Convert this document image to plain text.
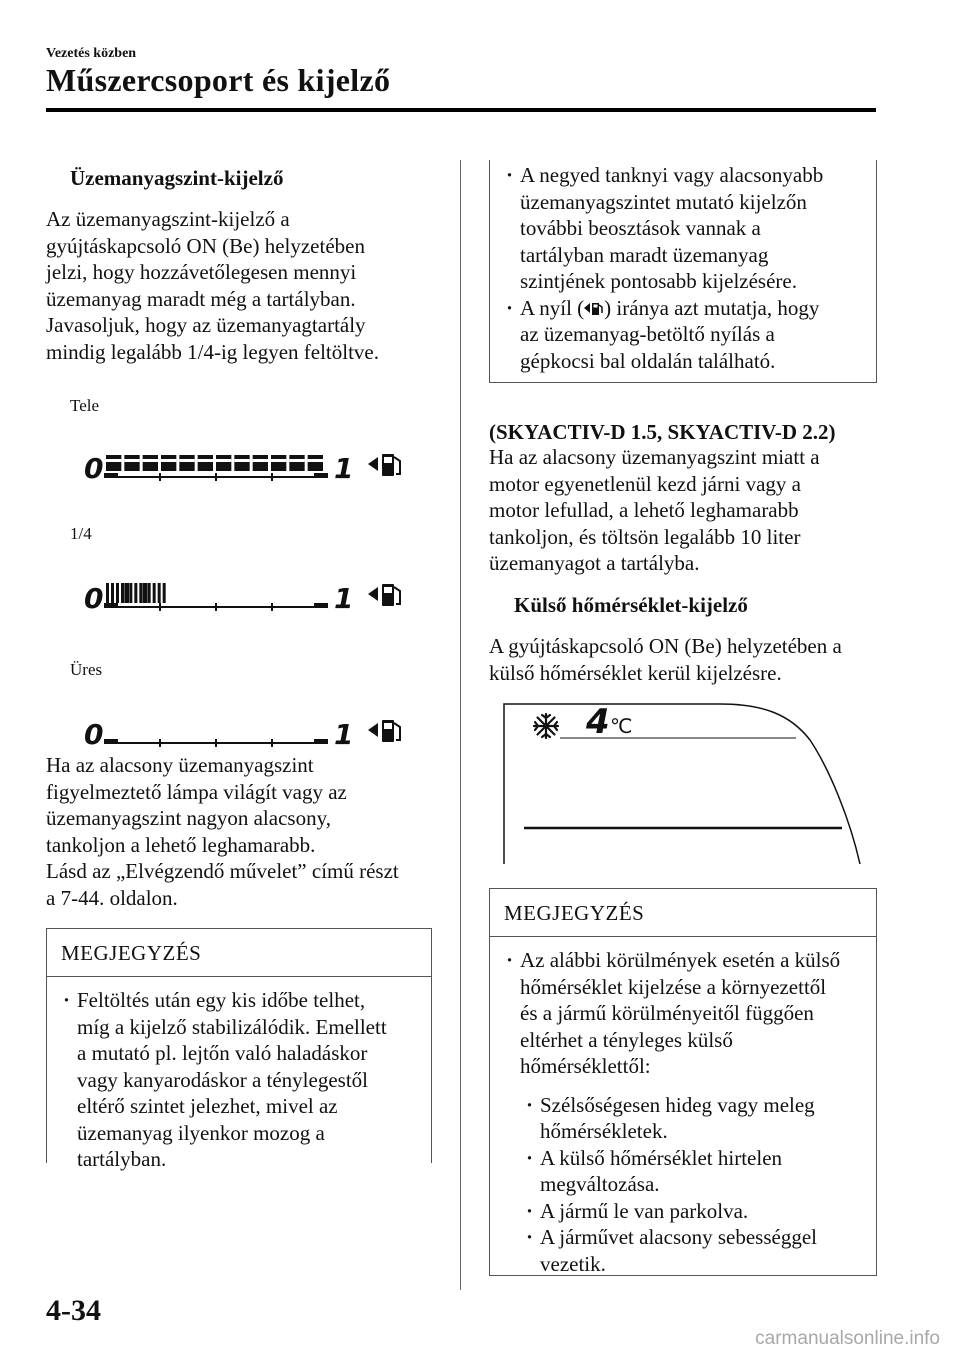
Vezetés közben
Műszercsoport és kijelző
Üzemanyagszint-kijelző
Az üzemanyagszint-kijelző a
gyújtáskapcsoló ON (Be) helyzetében
jelzi, hogy hozzávetőlegesen mennyi
üzemanyag maradt még a tartályban.
Javasoljuk, hogy az üzemanyagtartály
mindig legalább 1/4-ig legyen feltöltve.
Tele
0	1
1/4
0	1
Üres
0	1
Ha az alacsony üzemanyagszint
figyelmeztető lámpa világít vagy az
üzemanyagszint nagyon alacsony,
tankoljon a lehető leghamarabb.
Lásd az „Elvégzendő művelet” című részt
a 7-44. oldalon.
MEGJEGYZÉS
· Feltöltés után egy kis időbe telhet,
míg a kijelző stabilizálódik. Emellett
a mutató pl. lejtőn való haladáskor
vagy kanyarodáskor a ténylegestől
eltérő szintet jelezhet, mivel az
üzemanyag ilyenkor mozog a
tartályban.
· A negyed tanknyi vagy alacsonyabb
üzemanyagszintet mutató kijelzőn
további beosztások vannak a
tartályban maradt üzemanyag
szintjének pontosabb kijelzésére.
· A nyíl ( ) iránya azt mutatja, hogy
az üzemanyag-betöltő nyílás a
gépkocsi bal oldalán található.
(SKYACTIV-D 1.5, SKYACTIV-D 2.2)
Ha az alacsony üzemanyagszint miatt a
motor egyenetlenül kezd járni vagy a
motor lefullad, a lehető leghamarabb
tankoljon, és töltsön legalább 10 liter
üzemanyagot a tartályba.
Külső hőmérséklet-kijelző
A gyújtáskapcsoló ON (Be) helyzetében a
külső hőmérséklet kerül kijelzésre.
4 ℃
MEGJEGYZÉS
· Az alábbi körülmények esetén a külső
hőmérséklet kijelzése a környezettől
és a jármű körülményeitől függően
eltérhet a tényleges külső
hőmérséklettől:
· Szélsőségesen hideg vagy meleg
hőmérsékletek.
· A külső hőmérséklet hirtelen
megváltozása.
· A jármű le van parkolva.
· A járművet alacsony sebességgel
vezetik.
4-34
carmanualsonline.info
